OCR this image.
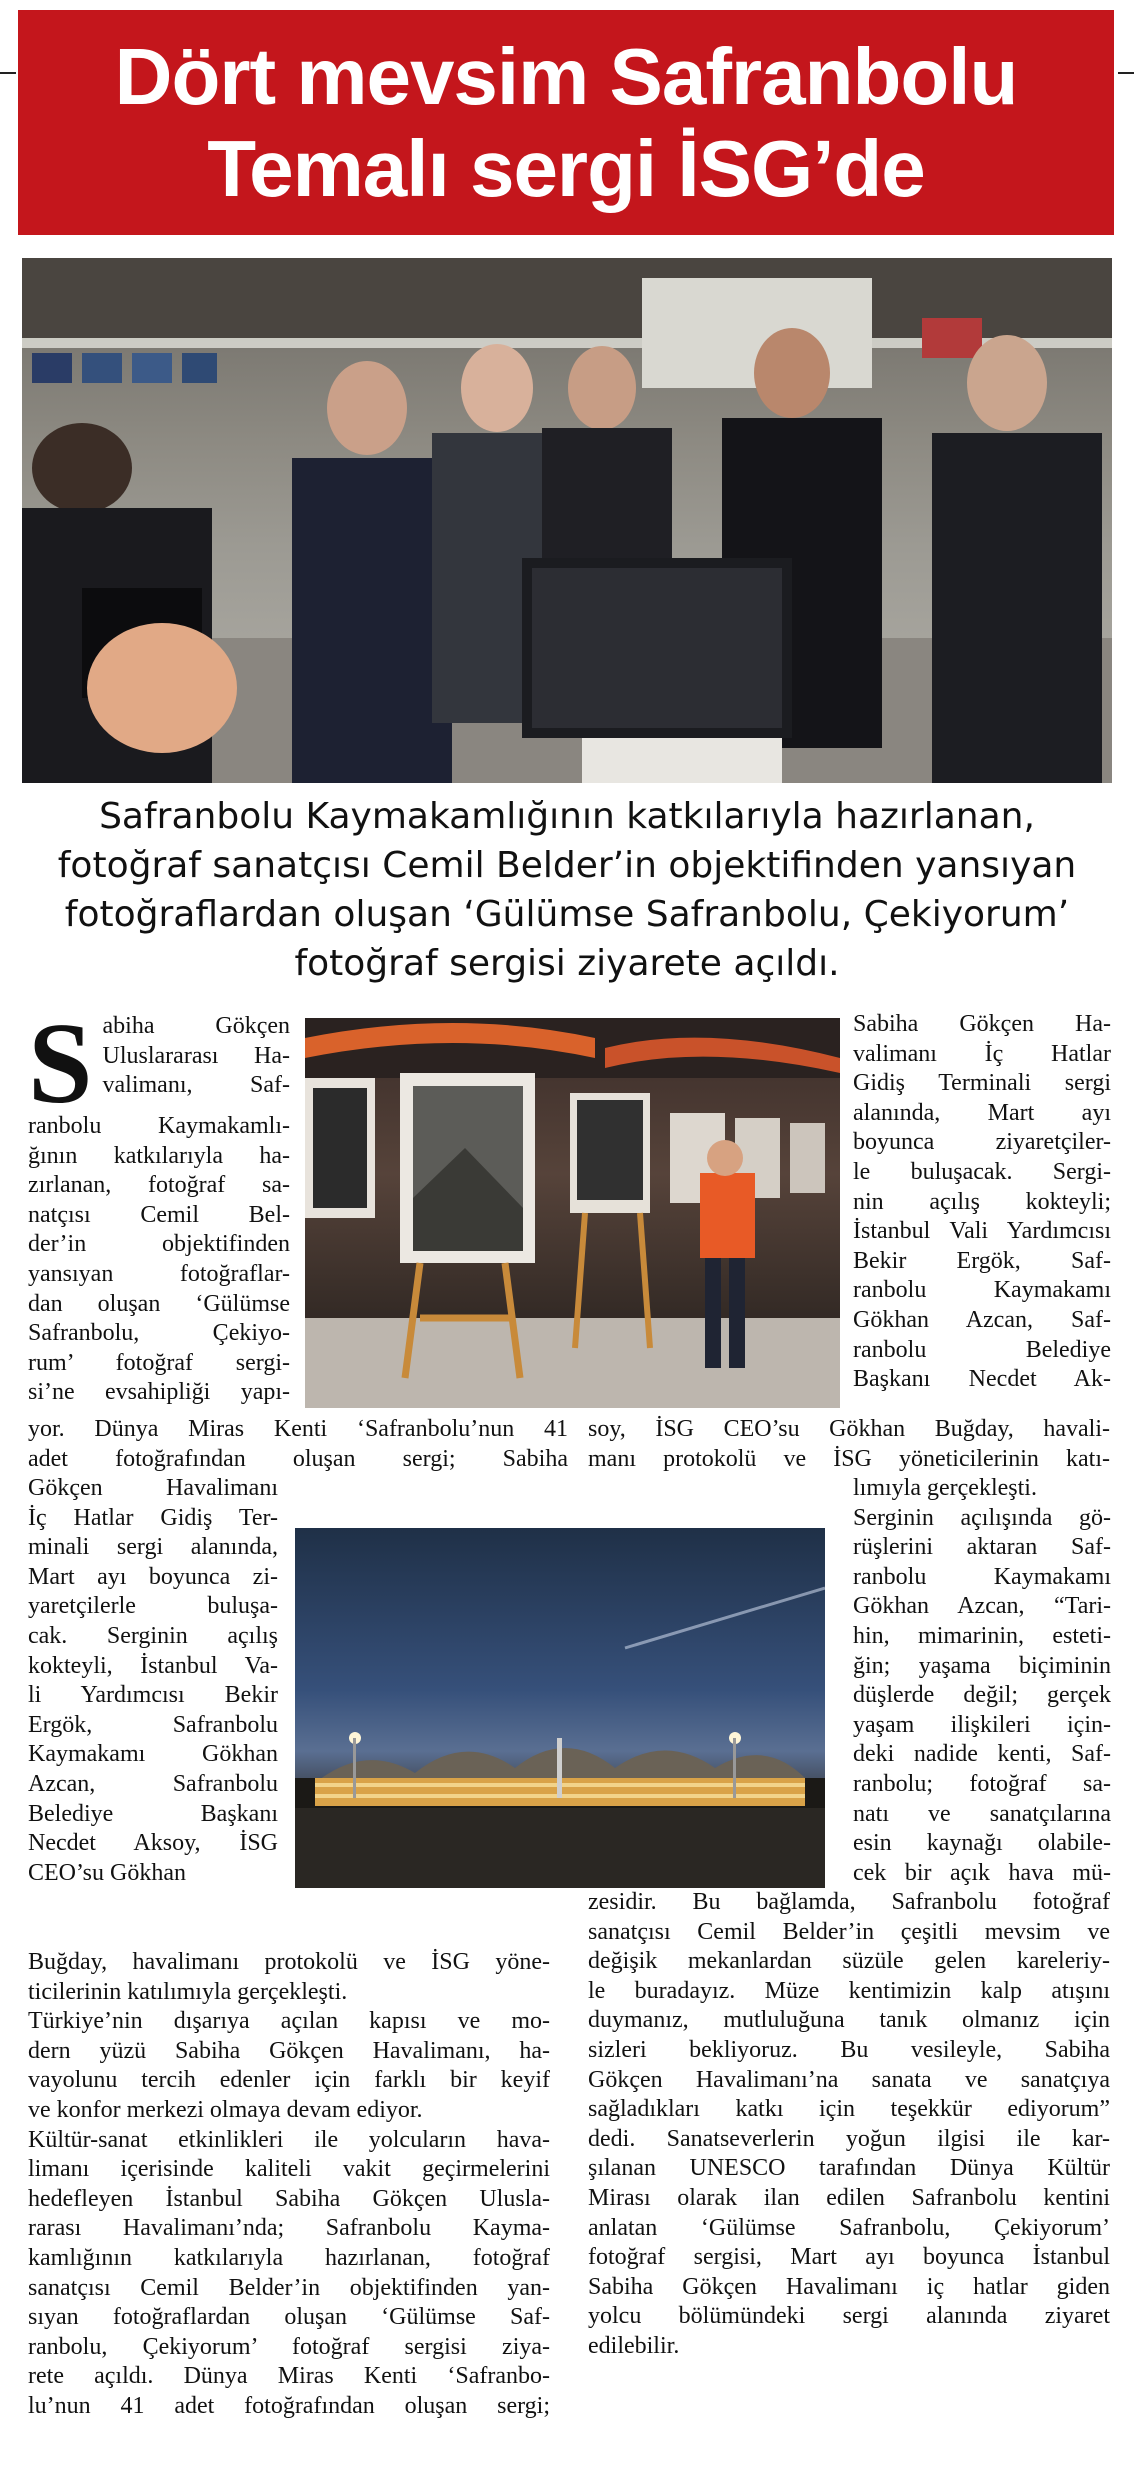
Dört mevsim Safranbolu
Temalı sergi İSG’de
Safranbolu Kaymakamlığının katkılarıyla hazırlanan,
fotoğraf sanatçısı Cemil Belder’in objektifinden yansıyan
fotoğraflardan oluşan ‘Gülümse Safranbolu, Çekiyorum’
fotoğraf sergisi ziyarete açıldı.
S abiha Gökçen
Uluslararası Ha-
valimanı, Saf-
ranbolu Kaymakamlı-
ğının katkılarıyla ha-
zırlanan, fotoğraf sa-
natçısı Cemil Bel-
der’in objektifinden
yansıyan fotoğraflar-
dan oluşan ‘Gülümse
Safranbolu, Çekiyo-
rum’ fotoğraf sergi-
si’ne evsahipliği yapı-
yor. Dünya Miras Kenti ‘Safranbolu’nun 41
adet fotoğrafından oluşan sergi; Sabiha
Gökçen Havalimanı
İç Hatlar Gidiş Ter-
minali sergi alanında,
Mart ayı boyunca zi-
yaretçilerle buluşa-
cak. Serginin açılış
kokteyli, İstanbul Va-
li Yardımcısı Bekir
Ergök, Safranbolu
Kaymakamı Gökhan
Azcan, Safranbolu
Belediye Başkanı
Necdet Aksoy, İSG
CEO’su Gökhan
Buğday, havalimanı protokolü ve İSG yöne-
ticilerinin katılımıyla gerçekleşti.
Türkiye’nin dışarıya açılan kapısı ve mo-
dern yüzü Sabiha Gökçen Havalimanı, ha-
vayolunu tercih edenler için farklı bir keyif
ve konfor merkezi olmaya devam ediyor.
Kültür-sanat etkinlikleri ile yolcuların hava-
limanı içerisinde kaliteli vakit geçirmelerini
hedefleyen İstanbul Sabiha Gökçen Ulusla-
rarası Havalimanı’nda; Safranbolu Kayma-
kamlığının katkılarıyla hazırlanan, fotoğraf
sanatçısı Cemil Belder’in objektifinden yan-
sıyan fotoğraflardan oluşan ‘Gülümse Saf-
ranbolu, Çekiyorum’ fotoğraf sergisi ziya-
rete açıldı. Dünya Miras Kenti ‘Safranbo-
lu’nun 41 adet fotoğrafından oluşan sergi;
Sabiha Gökçen Ha-
valimanı İç Hatlar
Gidiş Terminali sergi
alanında, Mart ayı
boyunca ziyaretçiler-
le buluşacak. Sergi-
nin açılış kokteyli;
İstanbul Vali Yardımcısı
Bekir Ergök, Saf-
ranbolu Kaymakamı
Gökhan Azcan, Saf-
ranbolu Belediye
Başkanı Necdet Ak-
soy, İSG CEO’su Gökhan Buğday, havali-
manı protokolü ve İSG yöneticilerinin katı-
lımıyla gerçekleşti.
Serginin açılışında gö-
rüşlerini aktaran Saf-
ranbolu Kaymakamı
Gökhan Azcan, “Tari-
hin, mimarinin, esteti-
ğin; yaşama biçiminin
düşlerde değil; gerçek
yaşam ilişkileri için-
deki nadide kenti, Saf-
ranbolu; fotoğraf sa-
natı ve sanatçılarına
esin kaynağı olabile-
cek bir açık hava mü-
zesidir. Bu bağlamda, Safranbolu fotoğraf
sanatçısı Cemil Belder’in çeşitli mevsim ve
değişik mekanlardan süzüle gelen kareleriy-
le buradayız. Müze kentimizin kalp atışını
duymanız, mutluluğuna tanık olmanız için
sizleri bekliyoruz. Bu vesileyle, Sabiha
Gökçen Havalimanı’na sanata ve sanatçıya
sağladıkları katkı için teşekkür ediyorum”
dedi. Sanatseverlerin yoğun ilgisi ile kar-
şılanan UNESCO tarafından Dünya Kültür
Mirası olarak ilan edilen Safranbolu kentini
anlatan ‘Gülümse Safranbolu, Çekiyorum’
fotoğraf sergisi, Mart ayı boyunca İstanbul
Sabiha Gökçen Havalimanı iç hatlar giden
yolcu bölümündeki sergi alanında ziyaret
edilebilir.
